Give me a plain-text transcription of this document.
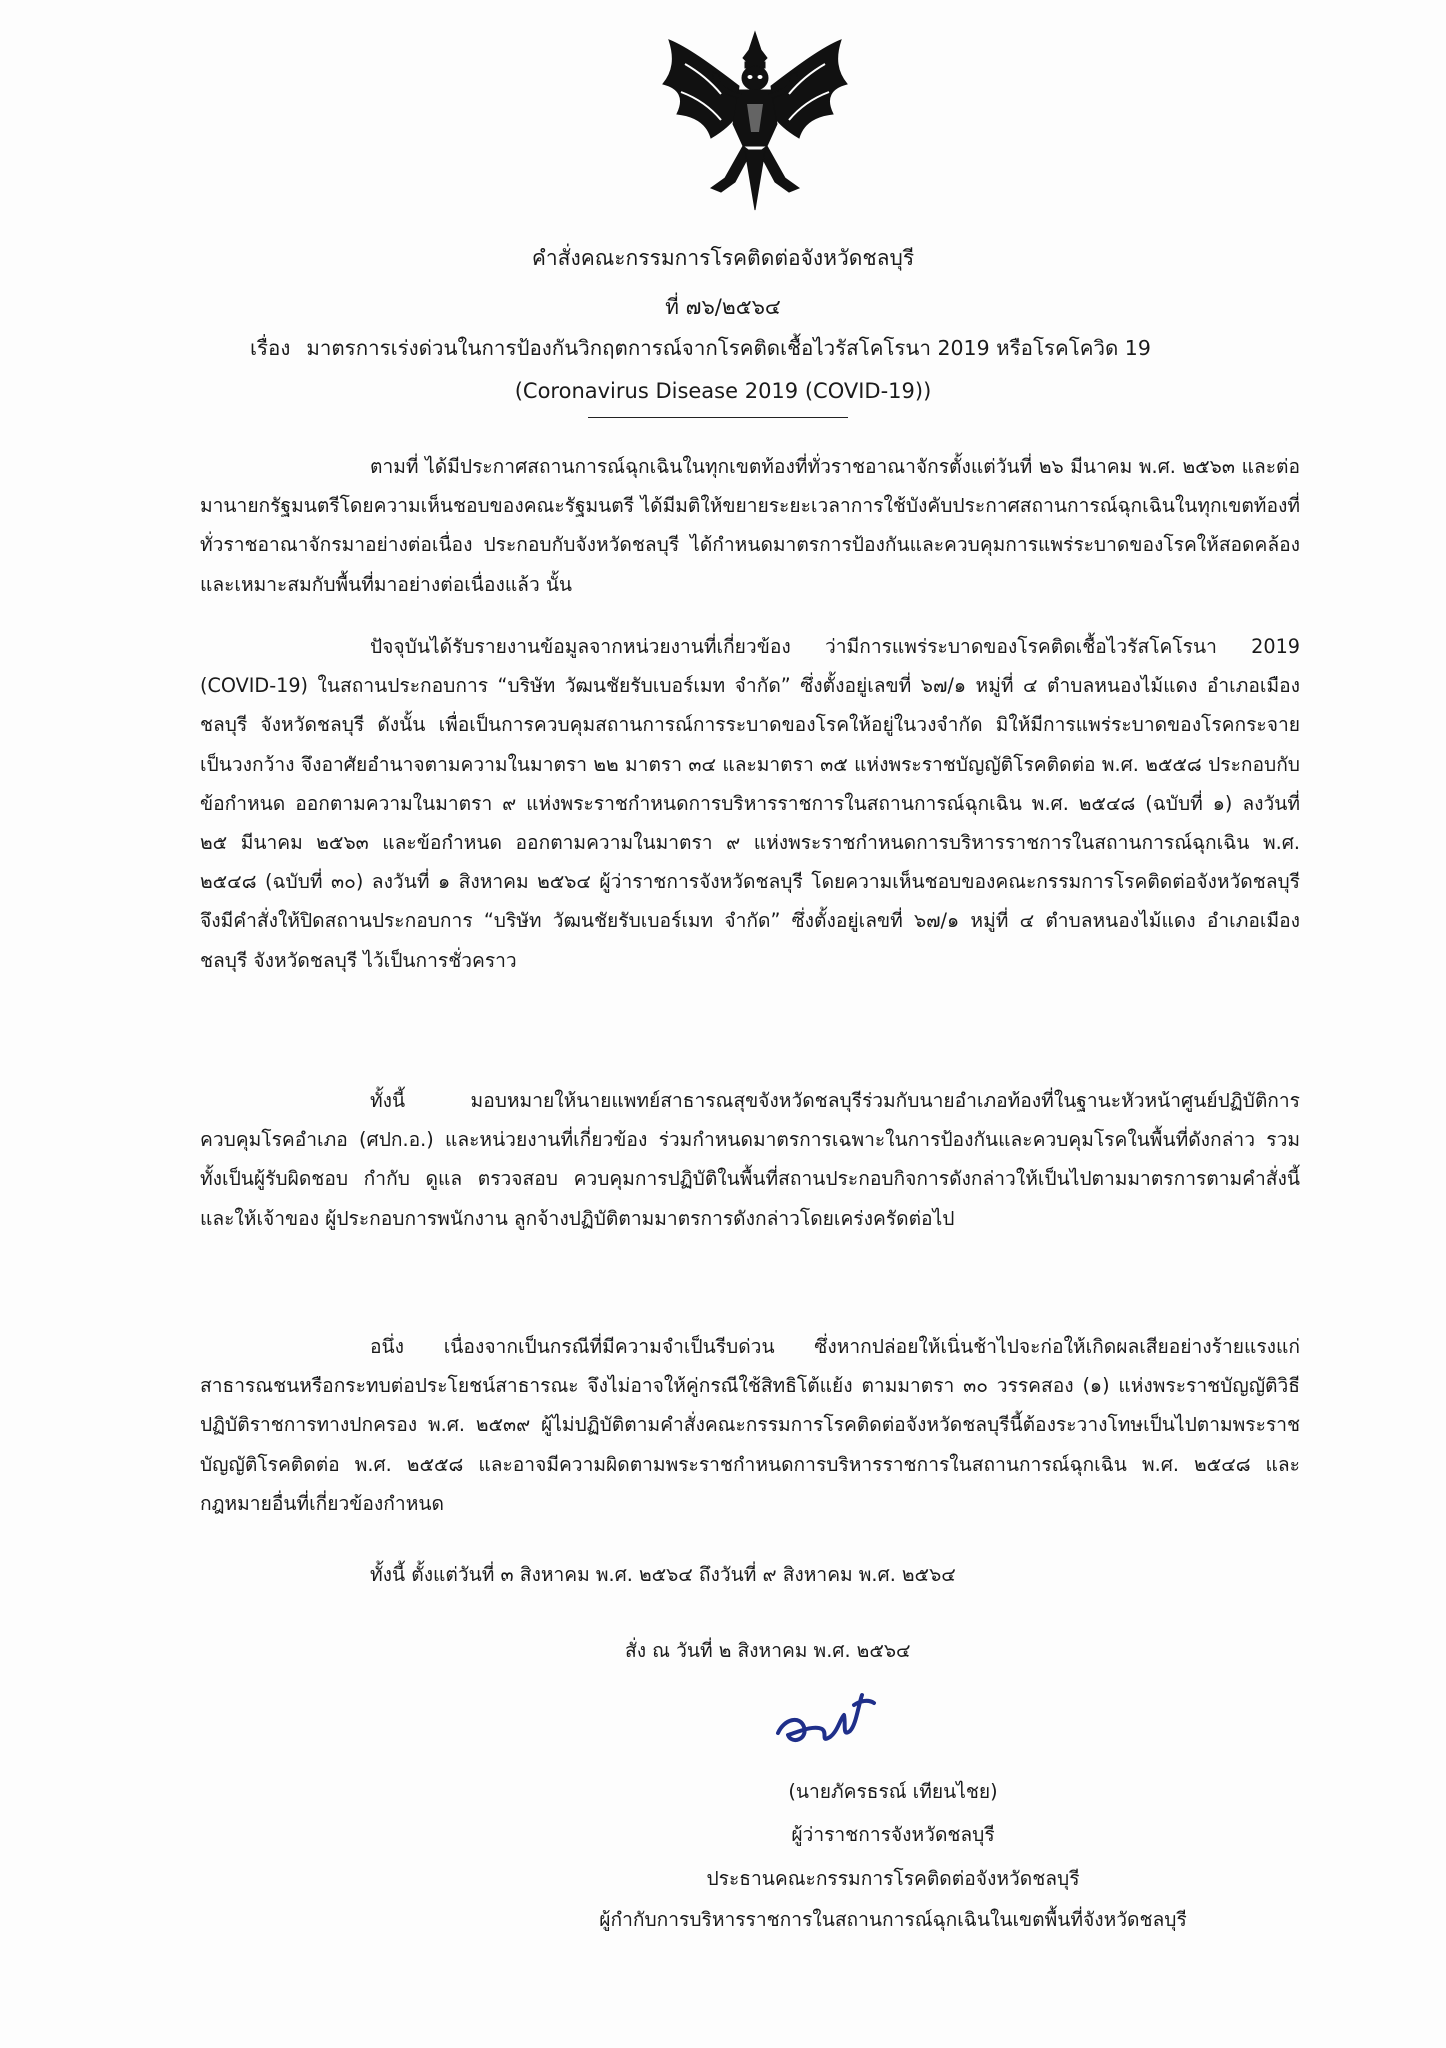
คำสั่งคณะกรรมการโรคติดต่อจังหวัดชลบุรี
ที่ ๗๖/๒๕๖๔
เรื่อง มาตรการเร่งด่วนในการป้องกันวิกฤตการณ์จากโรคติดเชื้อไวรัสโคโรนา 2019 หรือโรคโควิด 19
(Coronavirus Disease 2019 (COVID-19))

ตามที่ ได้มีประกาศสถานการณ์ฉุกเฉินในทุกเขตท้องที่ทั่วราชอาณาจักรตั้งแต่วันที่ ๒๖ มีนาคม พ.ศ. ๒๕๖๓ และต่อมานายกรัฐมนตรีโดยความเห็นชอบของคณะรัฐมนตรี ได้มีมติให้ขยายระยะเวลาการใช้บังคับประกาศสถานการณ์ฉุกเฉินในทุกเขตท้องที่ทั่วราชอาณาจักรมาอย่างต่อเนื่อง ประกอบกับจังหวัดชลบุรี ได้กำหนดมาตรการป้องกันและควบคุมการแพร่ระบาดของโรคให้สอดคล้องและเหมาะสมกับพื้นที่มาอย่างต่อเนื่องแล้ว นั้น

ปัจจุบันได้รับรายงานข้อมูลจากหน่วยงานที่เกี่ยวข้อง ว่ามีการแพร่ระบาดของโรคติดเชื้อไวรัสโคโรนา 2019 (COVID-19) ในสถานประกอบการ “บริษัท วัฒนชัยรับเบอร์เมท จำกัด” ซึ่งตั้งอยู่เลขที่ ๖๗/๑ หมู่ที่ ๔ ตำบลหนองไม้แดง อำเภอเมืองชลบุรี จังหวัดชลบุรี ดังนั้น เพื่อเป็นการควบคุมสถานการณ์การระบาดของโรคให้อยู่ในวงจำกัด มิให้มีการแพร่ระบาดของโรคกระจายเป็นวงกว้าง จึงอาศัยอำนาจตามความในมาตรา ๒๒ มาตรา ๓๔ และมาตรา ๓๕ แห่งพระราชบัญญัติโรคติดต่อ พ.ศ. ๒๕๕๘ ประกอบกับข้อกำหนด ออกตามความในมาตรา ๙ แห่งพระราชกำหนดการบริหารราชการในสถานการณ์ฉุกเฉิน พ.ศ. ๒๕๔๘ (ฉบับที่ ๑) ลงวันที่ ๒๕ มีนาคม ๒๕๖๓ และข้อกำหนด ออกตามความในมาตรา ๙ แห่งพระราชกำหนดการบริหารราชการในสถานการณ์ฉุกเฉิน พ.ศ. ๒๕๔๘ (ฉบับที่ ๓๐) ลงวันที่ ๑ สิงหาคม ๒๕๖๔ ผู้ว่าราชการจังหวัดชลบุรี โดยความเห็นชอบของคณะกรรมการโรคติดต่อจังหวัดชลบุรี จึงมีคำสั่งให้ปิดสถานประกอบการ “บริษัท วัฒนชัยรับเบอร์เมท จำกัด” ซึ่งตั้งอยู่เลขที่ ๖๗/๑ หมู่ที่ ๔ ตำบลหนองไม้แดง อำเภอเมืองชลบุรี จังหวัดชลบุรี ไว้เป็นการชั่วคราว

ทั้งนี้ มอบหมายให้นายแพทย์สาธารณสุขจังหวัดชลบุรีร่วมกับนายอำเภอท้องที่ในฐานะหัวหน้าศูนย์ปฏิบัติการควบคุมโรคอำเภอ (ศปก.อ.) และหน่วยงานที่เกี่ยวข้อง ร่วมกำหนดมาตรการเฉพาะในการป้องกันและควบคุมโรคในพื้นที่ดังกล่าว รวมทั้งเป็นผู้รับผิดชอบ กำกับ ดูแล ตรวจสอบ ควบคุมการปฏิบัติในพื้นที่สถานประกอบกิจการดังกล่าวให้เป็นไปตามมาตรการตามคำสั่งนี้ และให้เจ้าของ ผู้ประกอบการพนักงาน ลูกจ้างปฏิบัติตามมาตรการดังกล่าวโดยเคร่งครัดต่อไป

อนึ่ง เนื่องจากเป็นกรณีที่มีความจำเป็นรีบด่วน ซึ่งหากปล่อยให้เนิ่นช้าไปจะก่อให้เกิดผลเสียอย่างร้ายแรงแก่สาธารณชนหรือกระทบต่อประโยชน์สาธารณะ จึงไม่อาจให้คู่กรณีใช้สิทธิโต้แย้ง ตามมาตรา ๓๐ วรรคสอง (๑) แห่งพระราชบัญญัติวิธีปฏิบัติราชการทางปกครอง พ.ศ. ๒๕๓๙ ผู้ไม่ปฏิบัติตามคำสั่งคณะกรรมการโรคติดต่อจังหวัดชลบุรีนี้ต้องระวางโทษเป็นไปตามพระราชบัญญัติโรคติดต่อ พ.ศ. ๒๕๕๘ และอาจมีความผิดตามพระราชกำหนดการบริหารราชการในสถานการณ์ฉุกเฉิน พ.ศ. ๒๕๔๘ และกฎหมายอื่นที่เกี่ยวข้องกำหนด

ทั้งนี้ ตั้งแต่วันที่ ๓ สิงหาคม พ.ศ. ๒๕๖๔ ถึงวันที่ ๙ สิงหาคม พ.ศ. ๒๕๖๔
สั่ง ณ วันที่ ๒ สิงหาคม พ.ศ. ๒๕๖๔
(นายภัครธรณ์ เทียนไชย)
ผู้ว่าราชการจังหวัดชลบุรี
ประธานคณะกรรมการโรคติดต่อจังหวัดชลบุรี
ผู้กำกับการบริหารราชการในสถานการณ์ฉุกเฉินในเขตพื้นที่จังหวัดชลบุรี
